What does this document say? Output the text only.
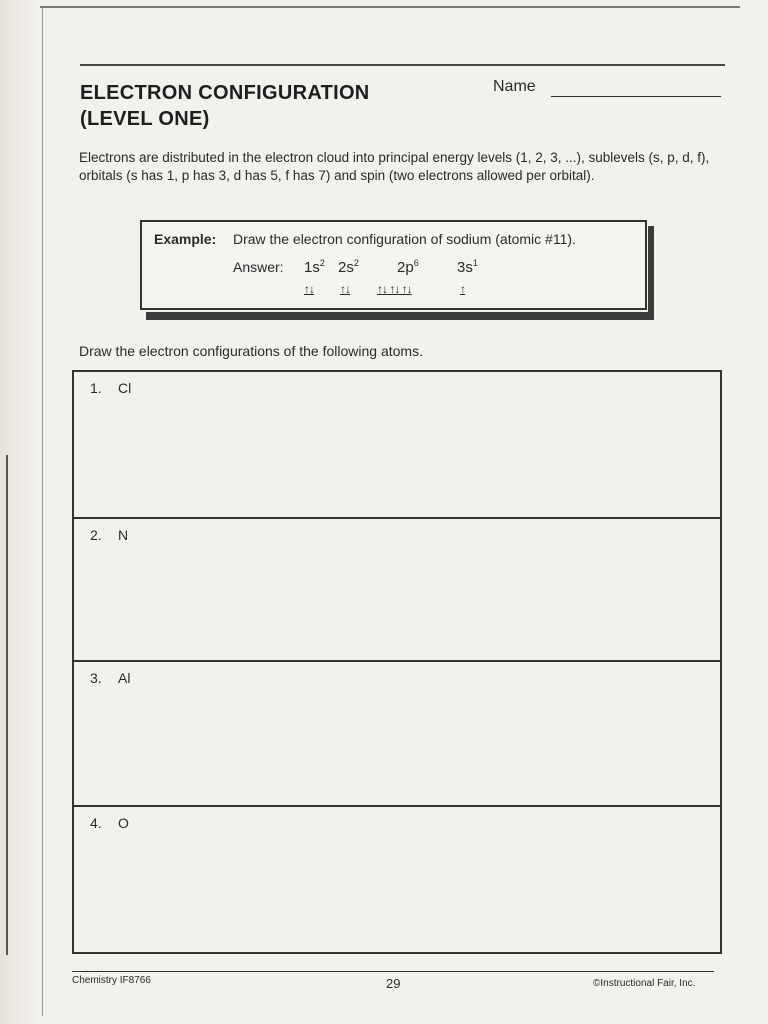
ELECTRON CONFIGURATION
(LEVEL ONE)
Name

Electrons are distributed in the electron cloud into principal energy levels (1, 2, 3, ...), sublevels (s, p, d, f), orbitals (s has 1, p has 3, d has 5, f has 7) and spin (two electrons allowed per orbital).

Example: Draw the electron configuration of sodium (atomic #11).
Answer: $1s^2$ $2s^2$	$2p^6$	$3s^1$
↑↓ ↑↓ ↑↓ ↑↓ ↑↓	↑
Draw the electron configurations of the following atoms.
1. Cl
2. N
3. Al
4. O
Chemistry IF8766	29	©Instructional Fair, Inc.
